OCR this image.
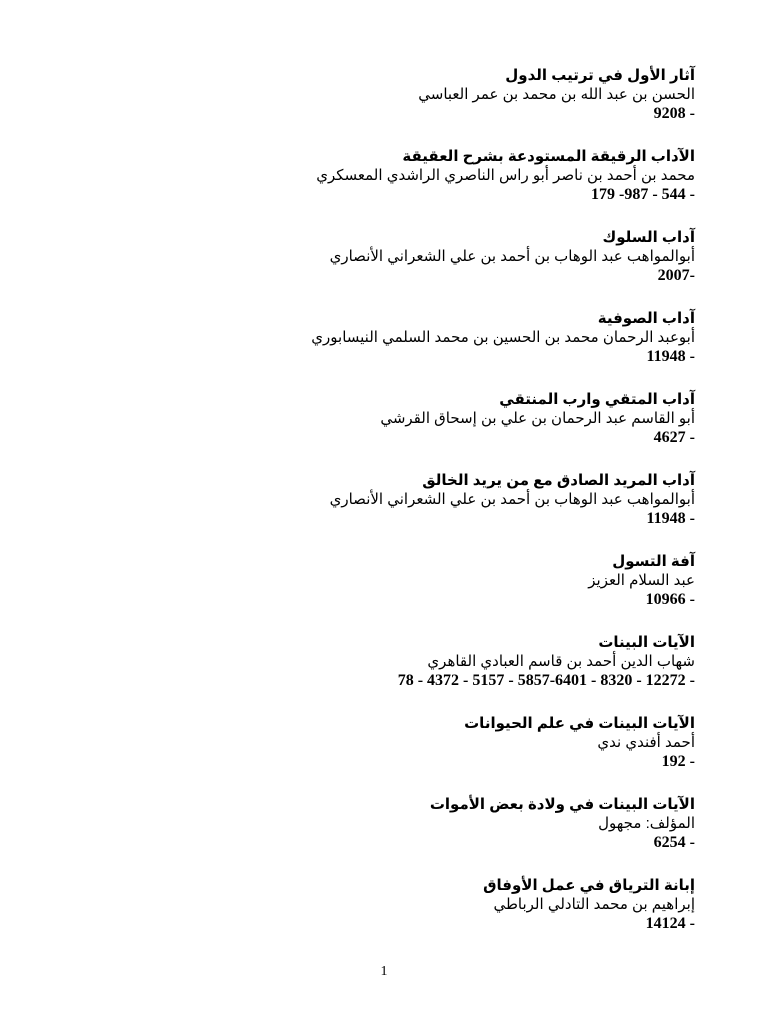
آثار الأول في ترتيب الدول
الحسن بن عبد الله بن محمد بن عمر العباسي
- 9208
الآداب الرقيقة المستودعة بشرح العقيقة
محمد بن أحمد بن ناصر أبو راس الناصري الراشدي المعسكري
- 544 - 987- 179
آداب السلوك
أبوالمواهب عبد الوهاب بن أحمد بن علي الشعراني الأنصاري
-2007
آداب الصوفية
أبوعبد الرحمان محمد بن الحسين بن محمد السلمي النيسابوري
- 11948
آداب المتقي وارب المنتقي
أبو القاسم عبد الرحمان بن علي بن إسحاق القرشي
- 4627
آداب المريد الصادق مع من يريد الخالق
أبوالمواهب عبد الوهاب بن أحمد بن علي الشعراني الأنصاري
- 11948
آفة التسول
عبد السلام العزيز
- 10966
الآيات البينات
شهاب الدين أحمد بن قاسم العبادي القاهري
- 12272 - 8320 - 5857-6401 - 5157 - 4372 - 78
الآيات البينات في علم الحيوانات
أحمد أفندي ندي
- 192
الآيات البينات في ولادة بعض الأموات
المؤلف: مجهول
- 6254
إبانة الترياق في عمل الأوفاق
إبراهيم بن محمد التادلي الرباطي
- 14124
1
